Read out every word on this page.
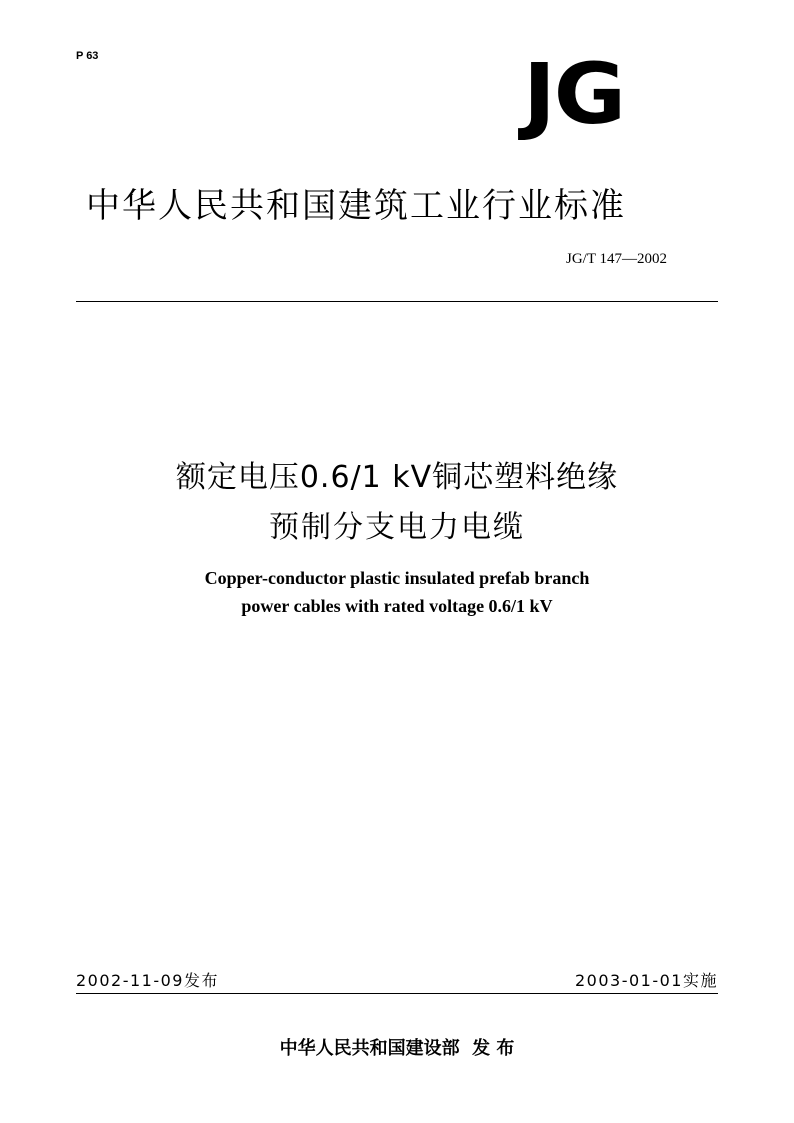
P 63	JG
中华人民共和国建筑工业行业标准
JG/T 147—2002
额定电压0.6/1 kV铜芯塑料绝缘
预制分支电力电缆
Copper-conductor plastic insulated prefab branch
power cables with rated voltage 0.6/1 kV
2002-11-09发布	2003-01-01实施
中华人民共和国建设部  发 布
